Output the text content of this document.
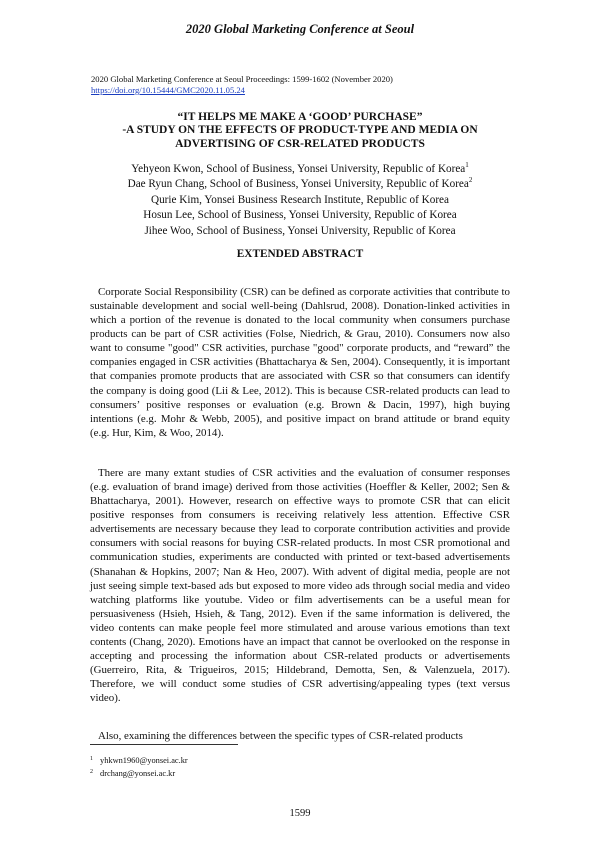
2020 Global Marketing Conference at Seoul
2020 Global Marketing Conference at Seoul Proceedings: 1599-1602 (November 2020)
https://doi.org/10.15444/GMC2020.11.05.24
“IT HELPS ME MAKE A ‘GOOD’ PURCHASE”
-A STUDY ON THE EFFECTS OF PRODUCT-TYPE AND MEDIA ON
ADVERTISING OF CSR-RELATED PRODUCTS
Yehyeon Kwon, School of Business, Yonsei University, Republic of Korea$^1$
Dae Ryun Chang, School of Business, Yonsei University, Republic of Korea$^2$
Qurie Kim, Yonsei Business Research Institute, Republic of Korea
Hosun Lee, School of Business, Yonsei University, Republic of Korea
Jihee Woo, School of Business, Yonsei University, Republic of Korea
EXTENDED ABSTRACT

Corporate Social Responsibility (CSR) can be defined as corporate activities that contribute to sustainable development and social well-being (Dahlsrud, 2008). Donation-linked activities in which a portion of the revenue is donated to the local community when consumers purchase products can be part of CSR activities (Folse, Niedrich, & Grau, 2010). Consumers now also want to consume "good" CSR activities, purchase "good" corporate products, and “reward” the companies engaged in CSR activities (Bhattacharya & Sen, 2004). Consequently, it is important that companies promote products that are associated with CSR so that consumers can identify the company is doing good (Lii & Lee, 2012). This is because CSR-related products can lead to consumers’ positive responses or evaluation (e.g. Brown & Dacin, 1997), high buying intentions (e.g. Mohr & Webb, 2005), and positive impact on brand attitude or brand equity (e.g. Hur, Kim, & Woo, 2014).

There are many extant studies of CSR activities and the evaluation of consumer responses (e.g. evaluation of brand image) derived from those activities (Hoeffler & Keller, 2002; Sen & Bhattacharya, 2001). However, research on effective ways to promote CSR that can elicit positive responses from consumers is receiving relatively less attention. Effective CSR advertisements are necessary because they lead to corporate contribution activities and provide consumers with social reasons for buying CSR-related products. In most CSR promotional and communication studies, experiments are conducted with printed or text-based advertisements (Shanahan & Hopkins, 2007; Nan & Heo, 2007). With advent of digital media, people are not just seeing simple text-based ads but exposed to more video ads through social media and video watching platforms like youtube. Video or film advertisements can be a useful mean for persuasiveness (Hsieh, Hsieh, & Tang, 2012). Even if the same information is delivered, the video contents can make people feel more stimulated and arouse various emotions than text contents (Chang, 2020). Emotions have an impact that cannot be overlooked on the response in accepting and processing the information about CSR-related products or advertisements (Guerreiro, Rita, & Trigueiros, 2015; Hildebrand, Demotta, Sen, & Valenzuela, 2017). Therefore, we will conduct some studies of CSR advertising/appealing types (text versus video).

Also, examining the differences between the specific types of CSR-related products

$^1$ yhkwn1960@yonsei.ac.kr
$^2$ drchang@yonsei.ac.kr
1599
